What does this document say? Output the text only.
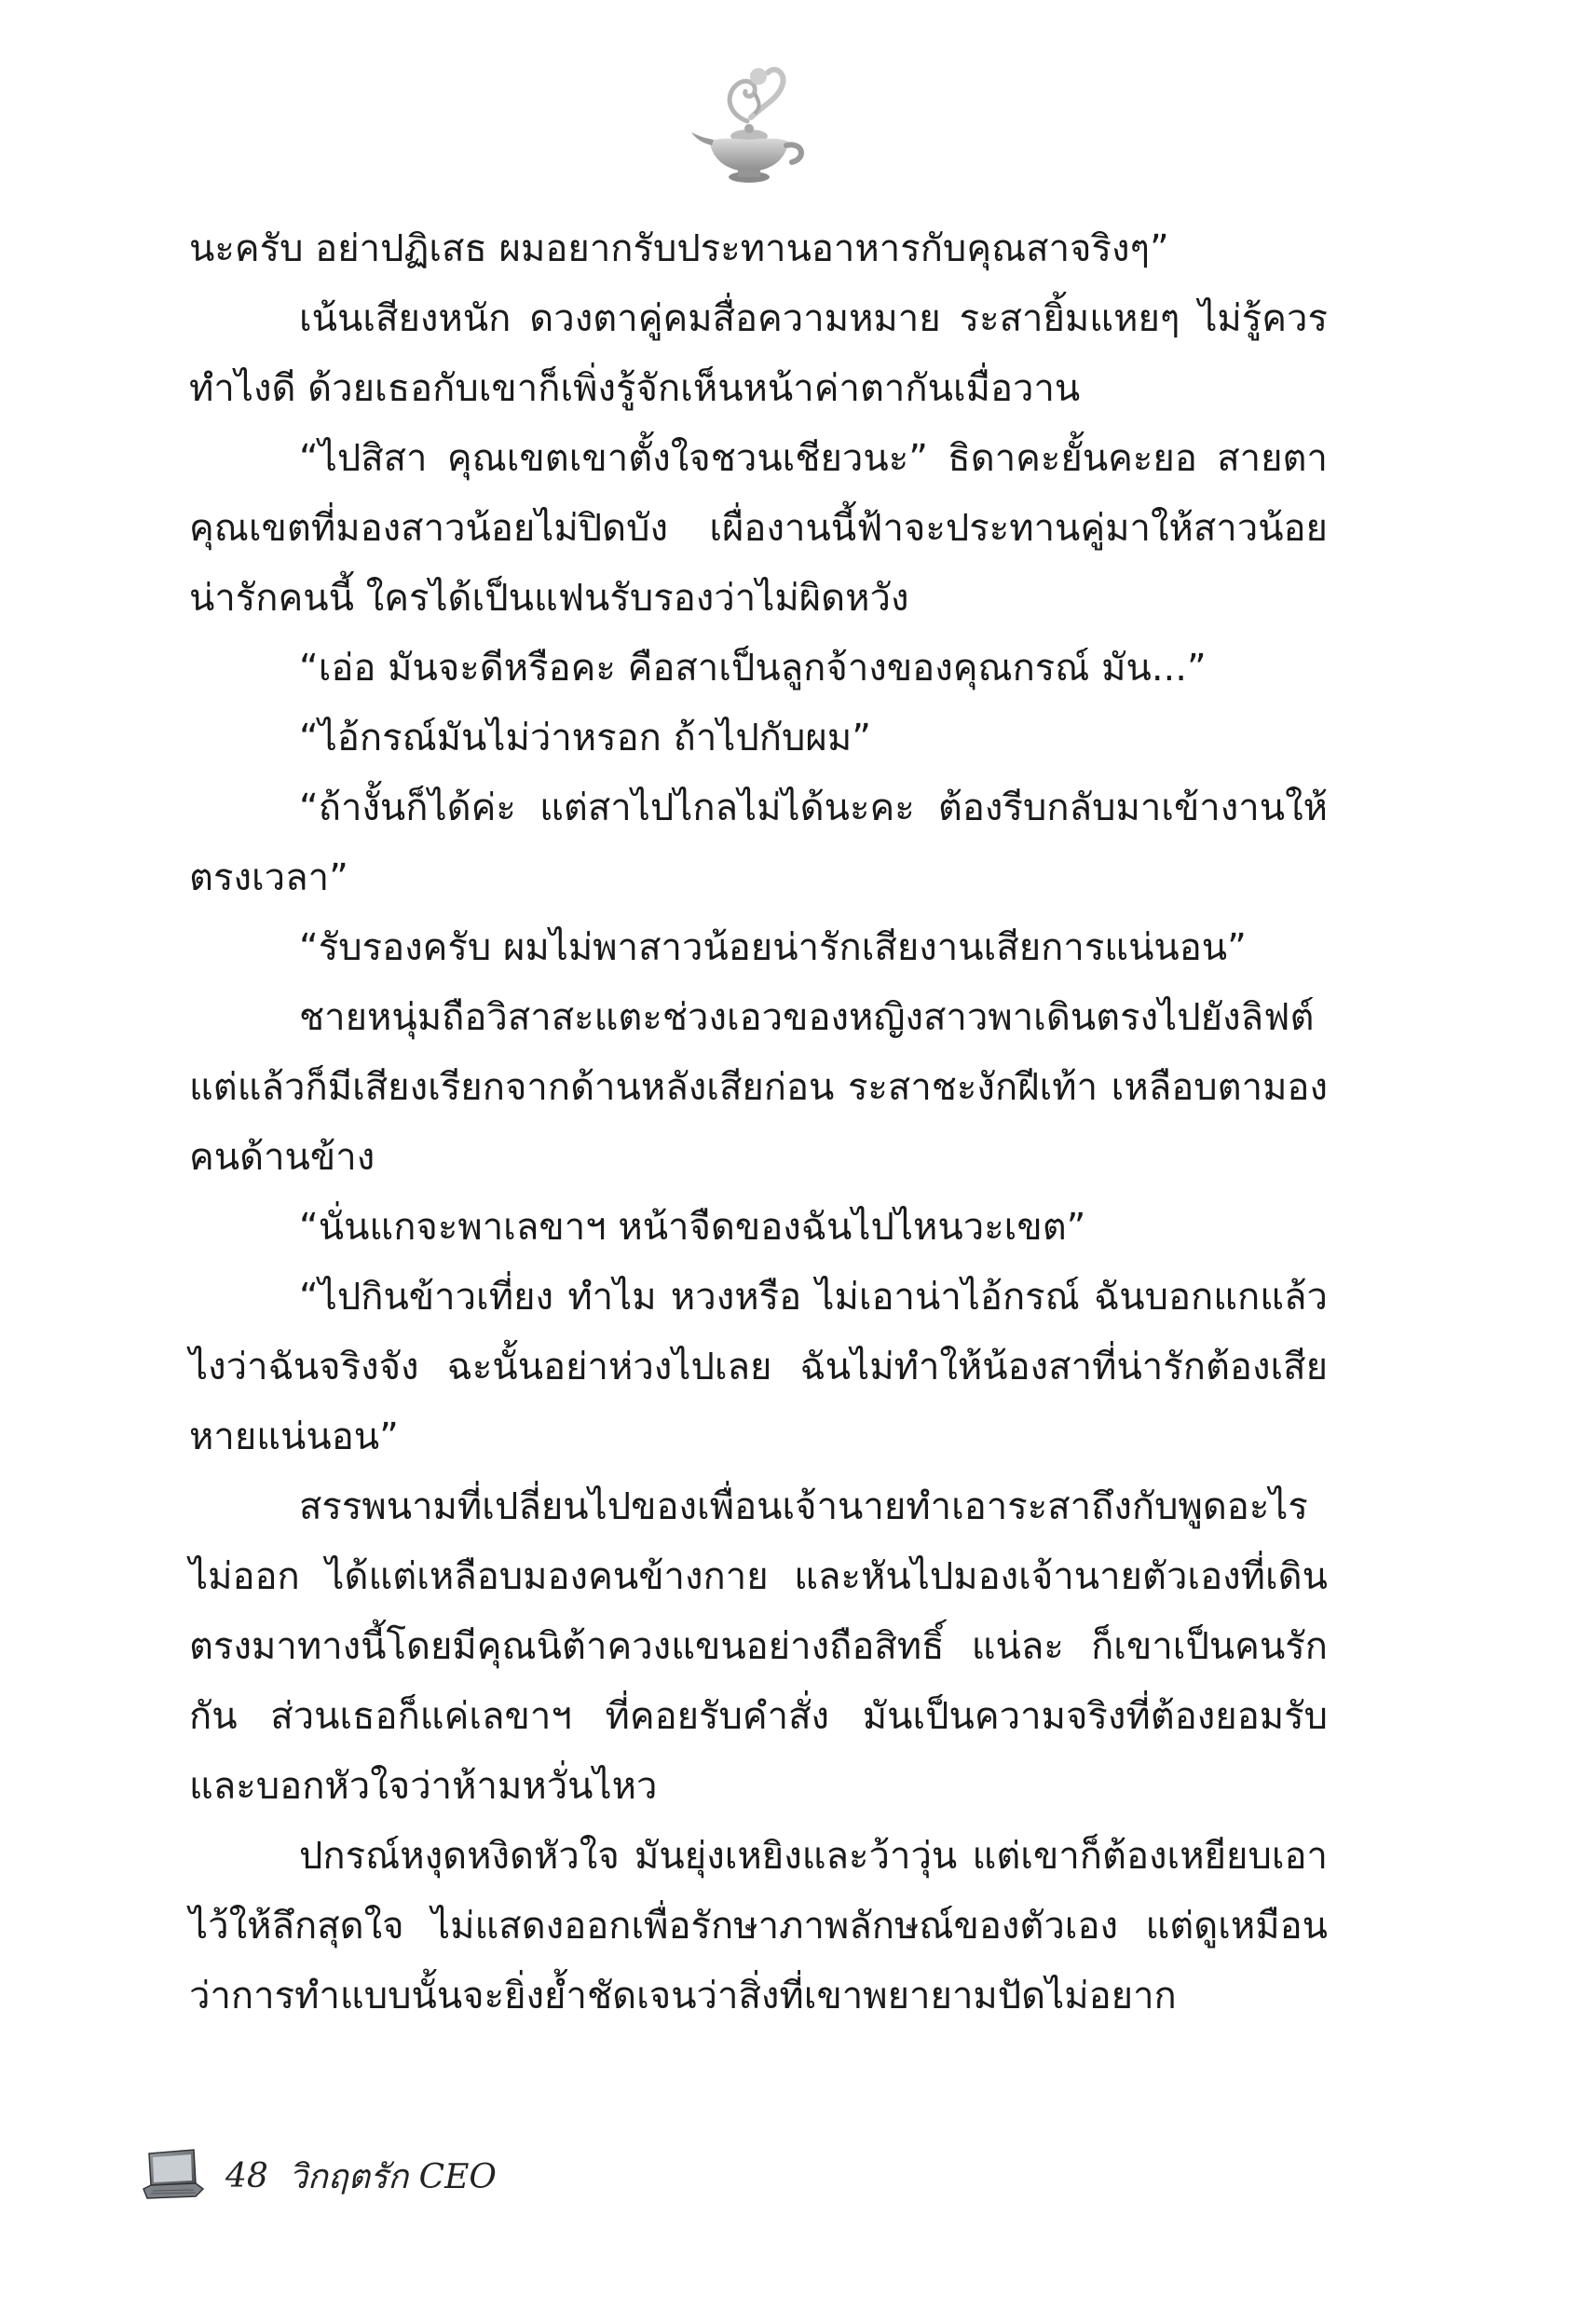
นะครับ อย่าปฏิเสธ ผมอยากรับประทานอาหารกับคุณสาจริงๆ”

เน้นเสียงหนัก ดวงตาคู่คมสื่อความหมาย ระสายิ้มแหยๆ ไม่รู้ควรทำไงดี ด้วยเธอกับเขาก็เพิ่งรู้จักเห็นหน้าค่าตากันเมื่อวาน

“ไปสิสา คุณเขตเขาตั้งใจชวนเชียวนะ” ธิดาคะยั้นคะยอ สายตาคุณเขตที่มองสาวน้อยไม่ปิดบัง เผื่องานนี้ฟ้าจะประทานคู่มาให้สาวน้อยน่ารักคนนี้ ใครได้เป็นแฟนรับรองว่าไม่ผิดหวัง

“เอ่อ มันจะดีหรือคะ คือสาเป็นลูกจ้างของคุณกรณ์ มัน...”

“ไอ้กรณ์มันไม่ว่าหรอก ถ้าไปกับผม”

“ถ้างั้นก็ได้ค่ะ แต่สาไปไกลไม่ได้นะคะ ต้องรีบกลับมาเข้างานให้ตรงเวลา”

“รับรองครับ ผมไม่พาสาวน้อยน่ารักเสียงานเสียการแน่นอน”

ชายหนุ่มถือวิสาสะแตะช่วงเอวของหญิงสาวพาเดินตรงไปยังลิฟต์ แต่แล้วก็มีเสียงเรียกจากด้านหลังเสียก่อน ระสาชะงักฝีเท้า เหลือบตามองคนด้านข้าง

“นั่นแกจะพาเลขาฯ หน้าจืดของฉันไปไหนวะเขต”

“ไปกินข้าวเที่ยง ทำไม หวงหรือ ไม่เอาน่าไอ้กรณ์ ฉันบอกแกแล้วไงว่าฉันจริงจัง ฉะนั้นอย่าห่วงไปเลย ฉันไม่ทำให้น้องสาที่น่ารักต้องเสียหายแน่นอน”

สรรพนามที่เปลี่ยนไปของเพื่อนเจ้านายทำเอาระสาถึงกับพูดอะไรไม่ออก ได้แต่เหลือบมองคนข้างกาย และหันไปมองเจ้านายตัวเองที่เดินตรงมาทางนี้โดยมีคุณนิต้าควงแขนอย่างถือสิทธิ์ แน่ละ ก็เขาเป็นคนรักกัน ส่วนเธอก็แค่เลขาฯ ที่คอยรับคำสั่ง มันเป็นความจริงที่ต้องยอมรับและบอกหัวใจว่าห้ามหวั่นไหว

ปกรณ์หงุดหงิดหัวใจ มันยุ่งเหยิงและว้าวุ่น แต่เขาก็ต้องเหยียบเอาไว้ให้ลึกสุดใจ ไม่แสดงออกเพื่อรักษาภาพลักษณ์ของตัวเอง แต่ดูเหมือนว่าการทำแบบนั้นจะยิ่งย้ำชัดเจนว่าสิ่งที่เขาพยายามปัดไม่อยาก

48 วิกฤตรัก CEO
